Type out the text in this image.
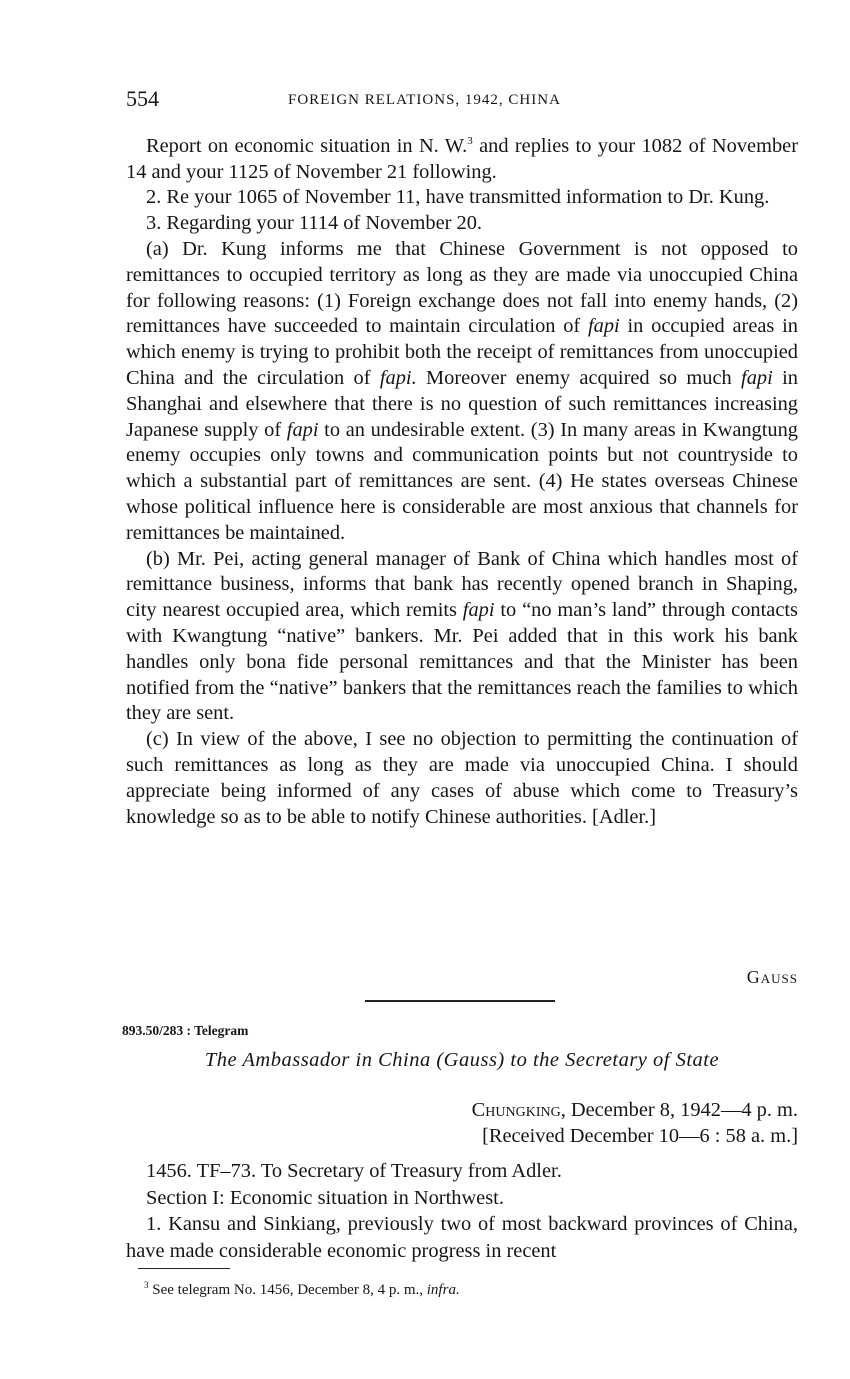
554	FOREIGN RELATIONS, 1942, CHINA

Report on economic situation in N. W.$^3$ and replies to your 1082 of November 14 and your 1125 of November 21 following.

2. Re your 1065 of November 11, have transmitted information to Dr. Kung.

3. Regarding your 1114 of November 20.

(a) Dr. Kung informs me that Chinese Government is not opposed to remittances to occupied territory as long as they are made via unoccupied China for following reasons: (1) Foreign exchange does not fall into enemy hands, (2) remittances have succeeded to maintain circulation of fapi in occupied areas in which enemy is trying to prohibit both the receipt of remittances from unoccupied China and the circulation of fapi. Moreover enemy acquired so much fapi in Shanghai and elsewhere that there is no question of such remittances increasing Japanese supply of fapi to an undesirable extent. (3) In many areas in Kwangtung enemy occupies only towns and communication points but not countryside to which a substantial part of remittances are sent. (4) He states overseas Chinese whose political influence here is considerable are most anxious that channels for remittances be maintained.

(b) Mr. Pei, acting general manager of Bank of China which handles most of remittance business, informs that bank has recently opened branch in Shaping, city nearest occupied area, which remits fapi to “no man’s land” through contacts with Kwangtung “native” bankers. Mr. Pei added that in this work his bank handles only bona fide personal remittances and that the Minister has been notified from the “native” bankers that the remittances reach the families to which they are sent.

(c) In view of the above, I see no objection to permitting the continuation of such remittances as long as they are made via unoccupied China. I should appreciate being informed of any cases of abuse which come to Treasury’s knowledge so as to be able to notify Chinese authorities. [Adler.]

Gauss
893.50/283 : Telegram
The Ambassador in China (Gauss) to the Secretary of State
Chungking, December 8, 1942—4 p. m.
[Received December 10—6 : 58 a. m.]

1456. TF–73. To Secretary of Treasury from Adler.

Section I: Economic situation in Northwest.

1. Kansu and Sinkiang, previously two of most backward provinces of China, have made considerable economic progress in recent

$^3$ See telegram No. 1456, December 8, 4 p. m., infra.
